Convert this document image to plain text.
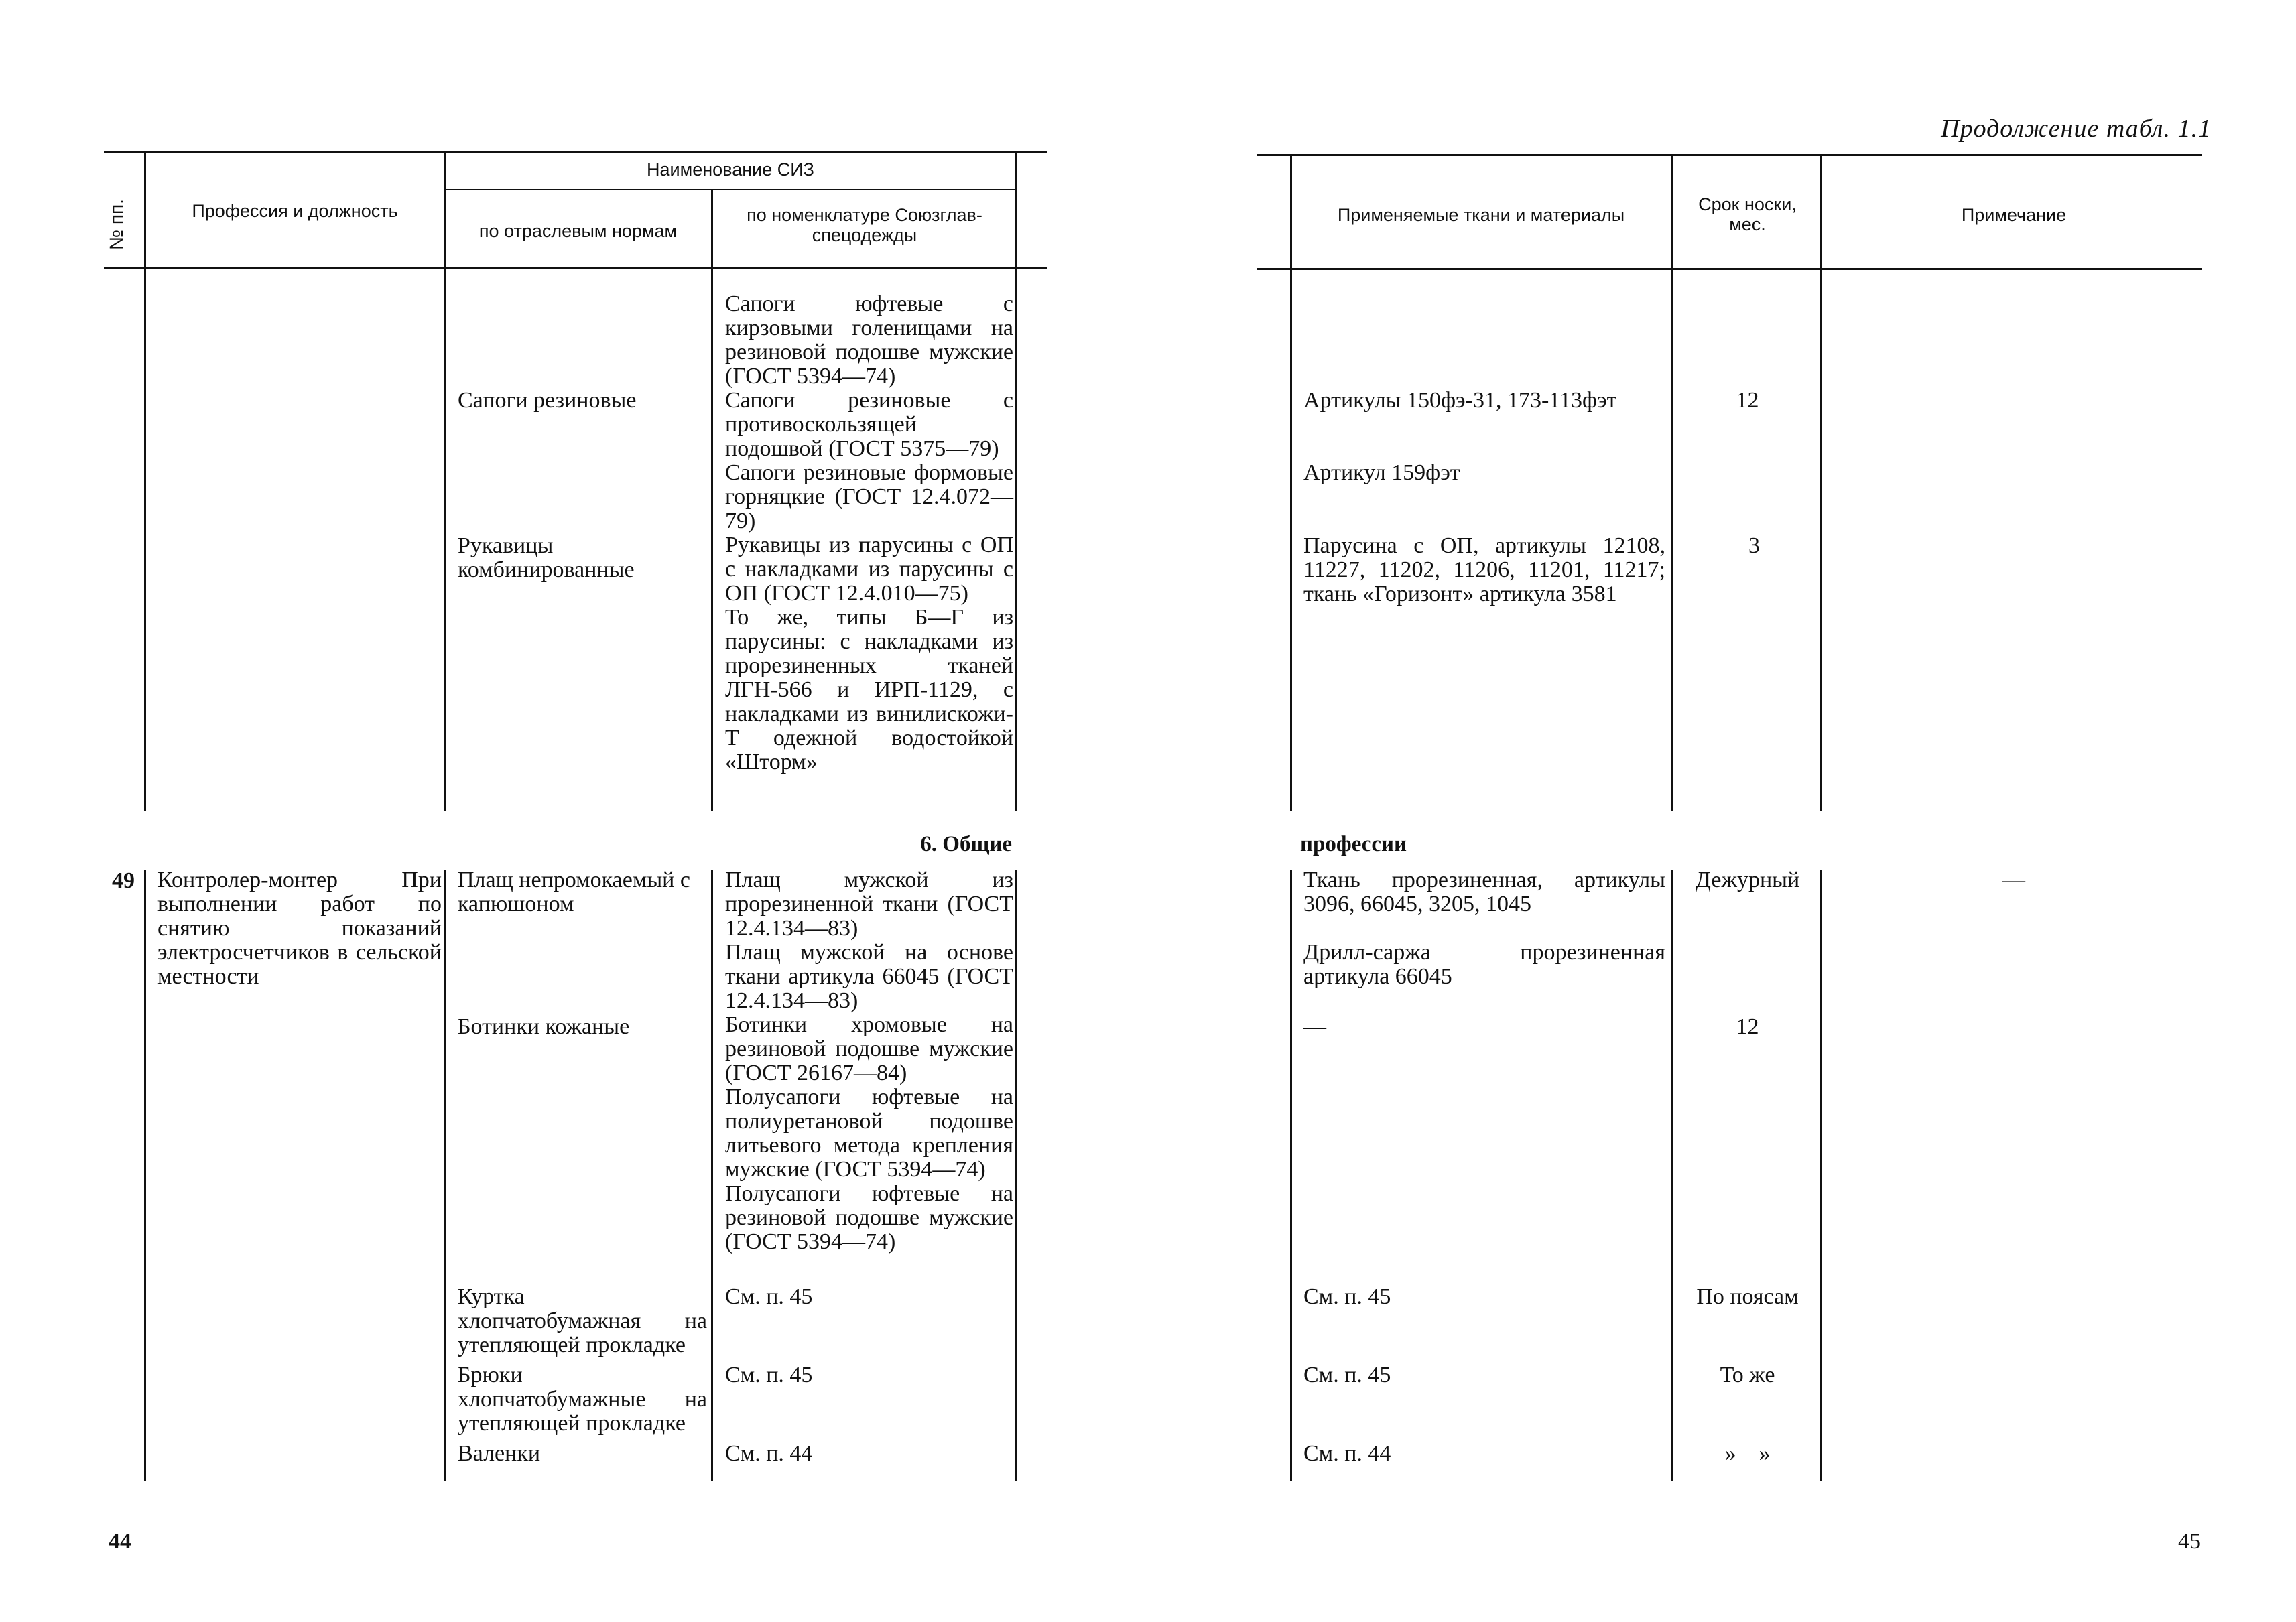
№ пп.	Профессия и должность
Наименование СИЗ
по отраслевым нормам
по номенклатуре Союзглав-спецодежды
Сапоги резиновые
Рукавицы комбинированные

Сапоги юфтевые с кирзовыми голенищами на резиновой подошве мужские (ГОСТ 5394—74)

Сапоги резиновые с противоскользящей подошвой (ГОСТ 5375—79)

Сапоги резиновые формовые горняцкие (ГОСТ 12.4.072—79)

Рукавицы из парусины с ОП с накладками из парусины с ОП (ГОСТ 12.4.010—75)

То же, типы Б—Г из парусины: с накладками из прорезиненных тканей ЛГН-566 и ИРП-1129, с накладками из винилискожи-Т одежной водостойкой «Шторм»

6. Общие
49 Контролер-монтер При выполнении работ по снятию показаний электросчетчиков в сельской местности

Плащ непромокаемый с капюшоном
Ботинки кожаные

Куртка хлопчатобумажная на утепляющей прокладке

Брюки хлопчатобумажные на утепляющей прокладке

Валенки

Плащ мужской из прорезиненной ткани (ГОСТ 12.4.134—83)

Плащ мужской на основе ткани артикула 66045 (ГОСТ 12.4.134—83)

Ботинки хромовые на резиновой подошве мужские (ГОСТ 26167—84)

Полусапоги юфтевые на полиуретановой подошве литьевого метода крепления мужские (ГОСТ 5394—74)

Полусапоги юфтевые на резиновой подошве мужские (ГОСТ 5394—74)

См. п. 45
См. п. 45
См. п. 44
44
Продолжение табл. 1.1
Применяемые ткани и материалы
Срок носки, мес.	Примечание
Артикулы 150фэ-31, 173-113фэт
Артикул 159фэт

Парусина с ОП, артикулы 12108, 11227, 11202, 11206, 11201, 11217; ткань «Горизонт» артикула 3581

12
3
профессии

Ткань прорезиненная, артикулы 3096, 66045, 3205, 1045

Дрилл-саржа прорезиненная артикула 66045

—
См. п. 45
См. п. 45
См. п. 44
Дежурный
12
По поясам
То же
»    »
—
45
